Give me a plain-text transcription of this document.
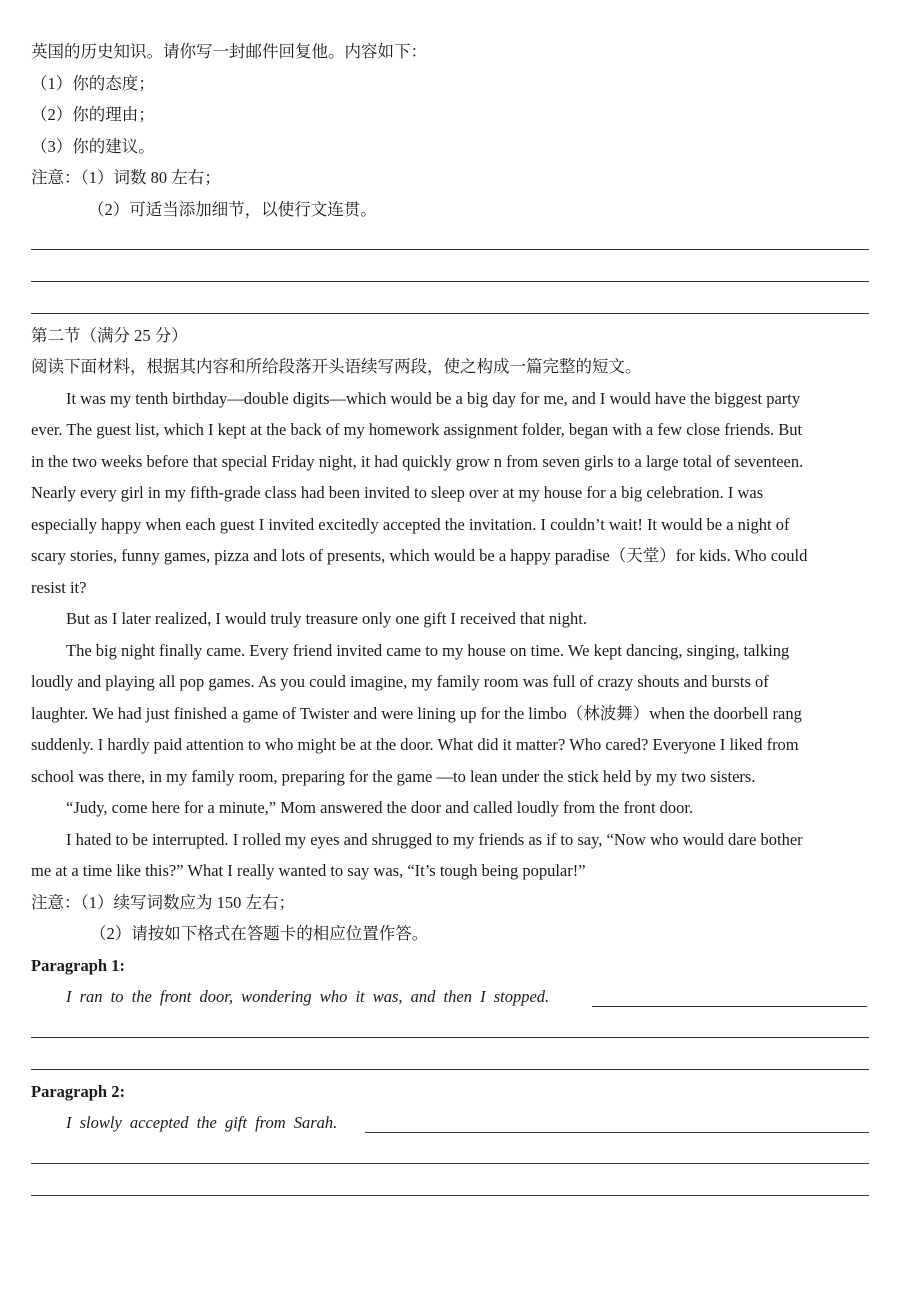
英国的历史知识。请你写一封邮件回复他。内容如下：
（1）你的态度；
（2）你的理由；
（3）你的建议。
注意：（1）词数 80 左右；
（2）可适当添加细节，以使行文连贯。
第二节（满分 25 分）
阅读下面材料，根据其内容和所给段落开头语续写两段，使之构成一篇完整的短文。
It was my tenth birthday—double digits—which would be a big day for me, and I would have the biggest party
ever. The guest list, which I kept at the back of my homework assignment folder, began with a few close friends. But
in the two weeks before that special Friday night, it had quickly grow n from seven girls to a large total of seventeen.
Nearly every girl in my fifth-grade class had been invited to sleep over at my house for a big celebration. I was
especially happy when each guest I invited excitedly accepted the invitation. I couldn’t wait! It would be a night of
scary stories, funny games, pizza and lots of presents, which would be a happy paradise（天堂）for kids. Who could
resist it?
But as I later realized, I would truly treasure only one gift I received that night.
The big night finally came. Every friend invited came to my house on time. We kept dancing, singing, talking
loudly and playing all pop games. As you could imagine, my family room was full of crazy shouts and bursts of
laughter. We had just finished a game of Twister and were lining up for the limbo（林波舞）when the doorbell rang
suddenly. I hardly paid attention to who might be at the door. What did it matter? Who cared? Everyone I liked from
school was there, in my family room, preparing for the game —to lean under the stick held by my two sisters.
“Judy, come here for a minute,” Mom answered the door and called loudly from the front door.
I hated to be interrupted. I rolled my eyes and shrugged to my friends as if to say, “Now who would dare bother
me at a time like this?” What I really wanted to say was, “It’s tough being popular!”
注意：（1）续写词数应为 150 左右；
（2）请按如下格式在答题卡的相应位置作答。
Paragraph 1:
I ran to the front door, wondering who it was, and then I stopped.
Paragraph 2:
I slowly accepted the gift from Sarah.
